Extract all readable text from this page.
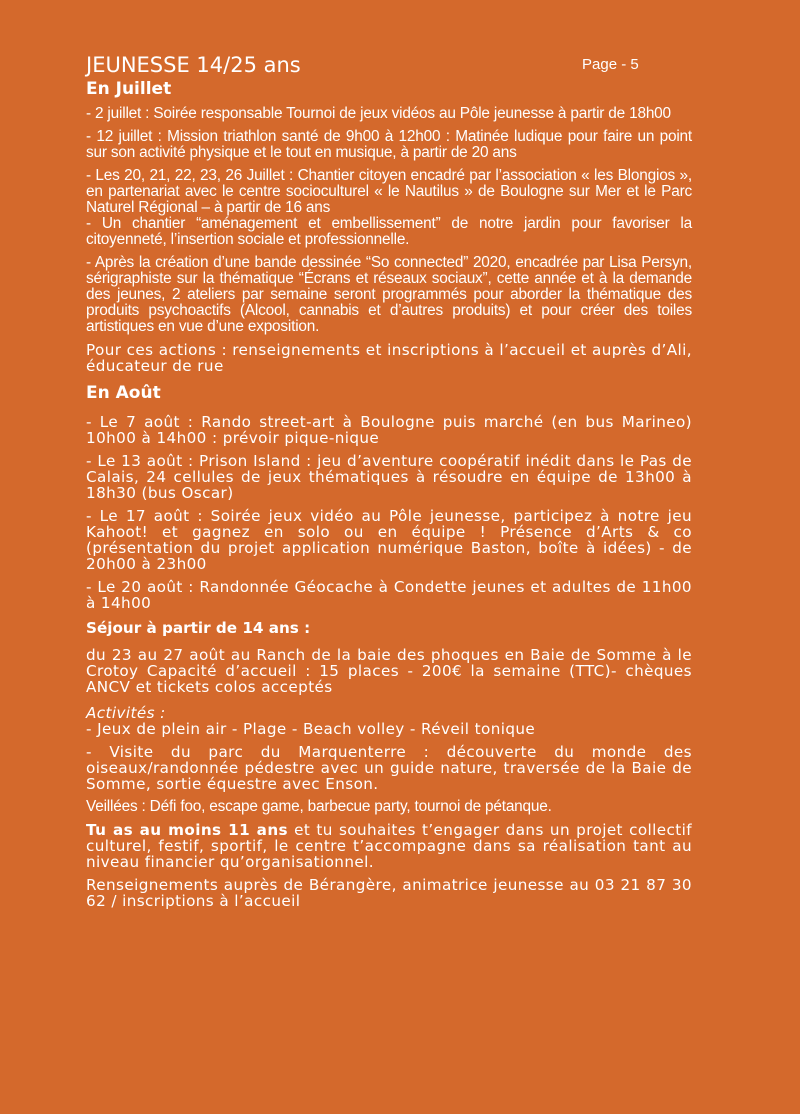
Page - 5
JEUNESSE 14/25 ans
En Juillet

- 2 juillet : Soirée responsable Tournoi de jeux vidéos au Pôle jeunesse à partir de 18h00

- 12 juillet : Mission triathlon santé de 9h00 à 12h00 : Matinée ludique pour faire un point sur son activité physique et le tout en musique, à partir de 20 ans

- Les 20, 21, 22, 23, 26 Juillet : Chantier citoyen encadré par l’association « les Blongios », en partenariat avec le centre socioculturel « le Nautilus » de Boulogne sur Mer et le Parc Naturel Régional – à partir de 16 ans

- Un chantier “aménagement et embellissement” de notre jardin pour favoriser la citoyenneté, l’insertion sociale et professionnelle.

- Après la création d’une bande dessinée “So connected” 2020, encadrée par Lisa Persyn, sérigraphiste sur la thématique “Écrans et réseaux sociaux”, cette année et à la demande des jeunes, 2 ateliers par semaine seront programmés pour aborder la thématique des produits psychoactifs (Alcool, cannabis et d’autres produits) et pour créer des toiles artistiques en vue d’une exposition.

Pour ces actions : renseignements et inscriptions à l’accueil et auprès d’Ali, éducateur de rue

En Août

- Le 7 août : Rando street-art à Boulogne puis marché (en bus Marineo) 10h00 à 14h00 : prévoir pique-nique

- Le 13 août : Prison Island : jeu d’aventure coopératif inédit dans le Pas de Calais, 24 cellules de jeux thématiques à résoudre en équipe de 13h00 à 18h30 (bus Oscar)

- Le 17 août : Soirée jeux vidéo au Pôle jeunesse, participez à notre jeu Kahoot! et gagnez en solo ou en équipe ! Présence d’Arts & co (présentation du projet application numérique Baston, boîte à idées) - de 20h00 à 23h00

- Le 20 août : Randonnée Géocache à Condette jeunes et adultes de 11h00 à 14h00

Séjour à partir de 14 ans :

du 23 au 27 août au Ranch de la baie des phoques en Baie de Somme à le Crotoy Capacité d’accueil : 15 places - 200€ la semaine (TTC)- chèques ANCV et tickets colos acceptés

Activités :

- Jeux de plein air - Plage - Beach volley - Réveil tonique

- Visite du parc du Marquenterre : découverte du monde des oiseaux/randonnée pédestre avec un guide nature, traversée de la Baie de Somme, sortie équestre avec Enson.

Veillées : Défi foo, escape game, barbecue party, tournoi de pétanque.

Tu as au moins 11 ans et tu souhaites t’engager dans un projet collectif culturel, festif, sportif, le centre t’accompagne dans sa réalisation tant au niveau financier qu’organisationnel.

Renseignements auprès de Bérangère, animatrice jeunesse au 03 21 87 30 62 / inscriptions à l’accueil
